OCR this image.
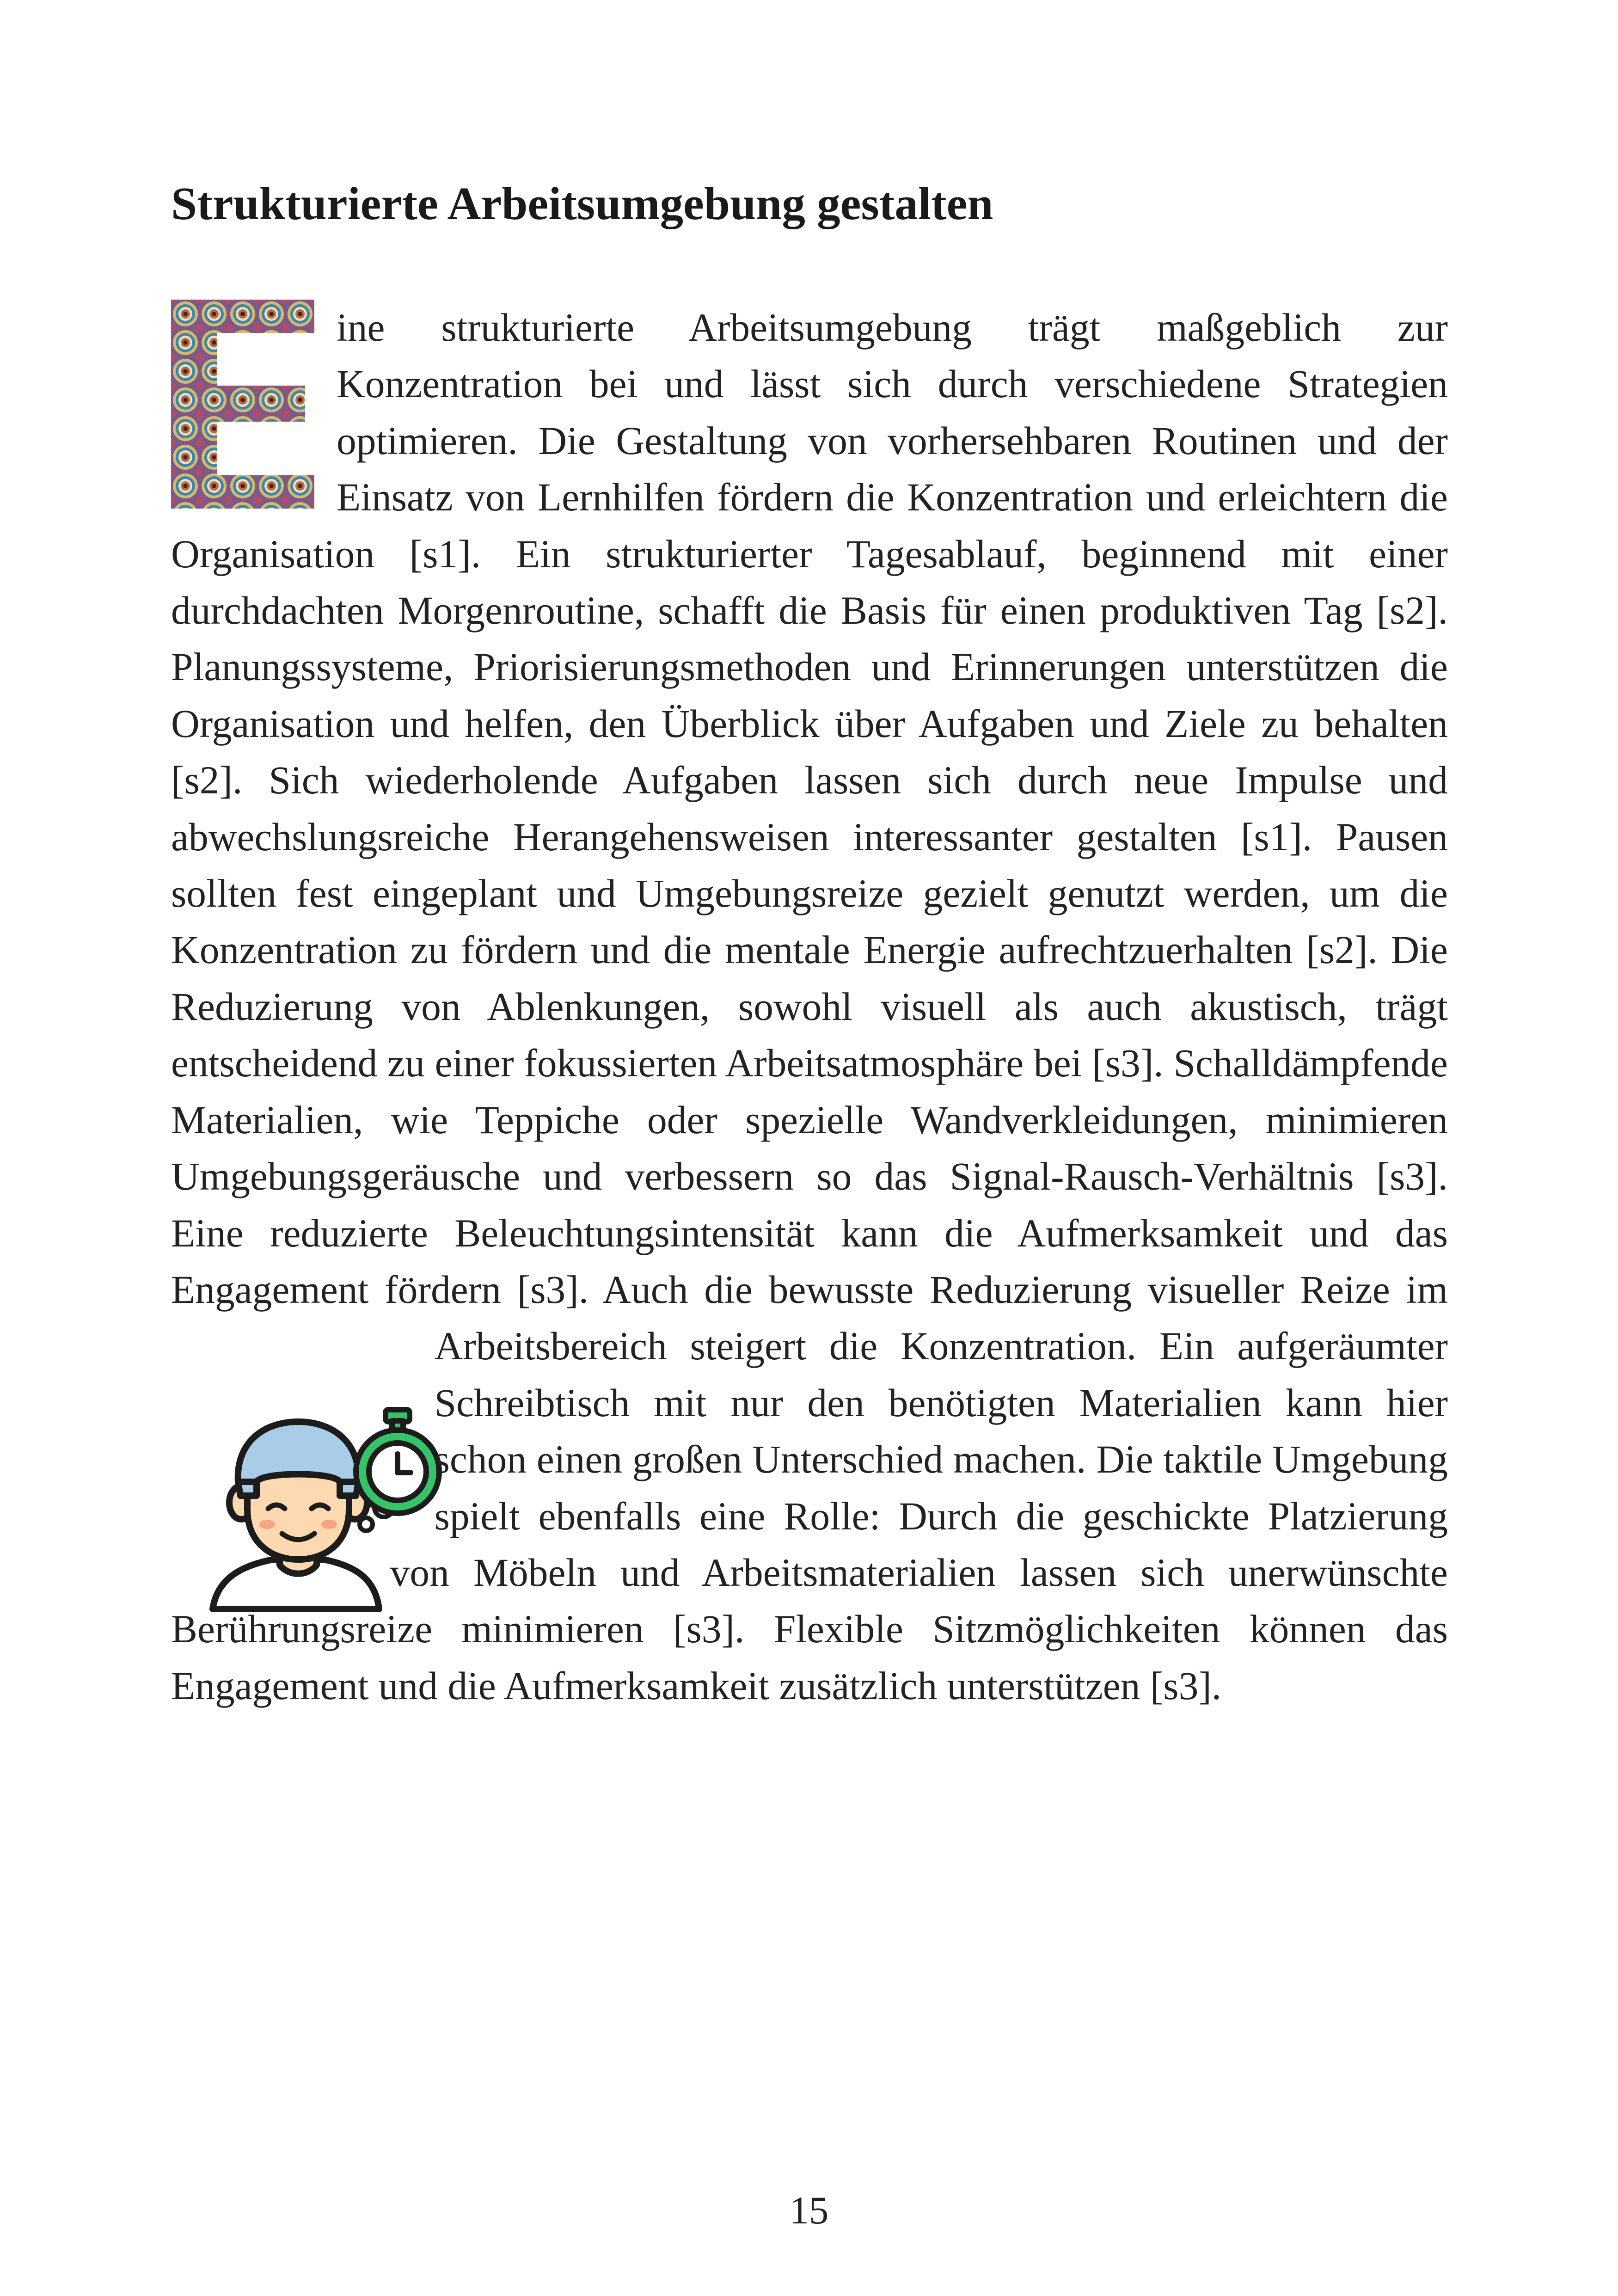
Strukturierte Arbeitsumgebung gestalten

ine strukturierte Arbeitsumgebung trägt maßgeblich zur Konzentration bei und lässt sich durch verschiedene Strategien optimieren. Die Gestaltung von vorhersehbaren Routinen und der Einsatz von Lernhilfen fördern die Konzentration und erleichtern die Organisation [s1]. Ein strukturierter Tagesablauf, beginnend mit einer durchdachten Morgenroutine, schafft die Basis für einen produktiven Tag [s2]. Planungssysteme, Priorisierungsmethoden und Erinnerungen unterstützen die Organisation und helfen, den Überblick über Aufgaben und Ziele zu behalten [s2]. Sich wiederholende Aufgaben lassen sich durch neue Impulse und abwechslungsreiche Herangehensweisen interessanter gestalten [s1]. Pausen sollten fest eingeplant und Umgebungsreize gezielt genutzt werden, um die Konzentration zu fördern und die mentale Energie aufrechtzuerhalten [s2]. Die Reduzierung von Ablenkungen, sowohl visuell als auch akustisch, trägt entscheidend zu einer fokussierten Arbeitsatmosphäre bei [s3]. Schalldämpfende Materialien, wie Teppiche oder spezielle Wandverkleidungen, minimieren Umgebungsgeräusche und verbessern so das Signal-Rausch-Verhältnis [s3]. Eine reduzierte Beleuchtungsintensität kann die Aufmerksamkeit und das Engagement
fördern [s3]. Auch die bewusste Reduzierung visueller Reize im Arbeitsbereich steigert die Konzentration. Ein aufgeräumter Schreibtisch mit nur den benötigten Materialien kann hier schon einen großen Unterschied machen. Die taktile Umgebung spielt ebenfalls eine Rolle: Durch die geschickte Platzierung von Möbeln und Arbeitsmaterialien lassen sich unerwünschte Berührungsreize minimieren [s3]. Flexible Sitzmöglichkeiten können das Engagement und die Aufmerksamkeit zusätzlich unterstützen [s3].

15
